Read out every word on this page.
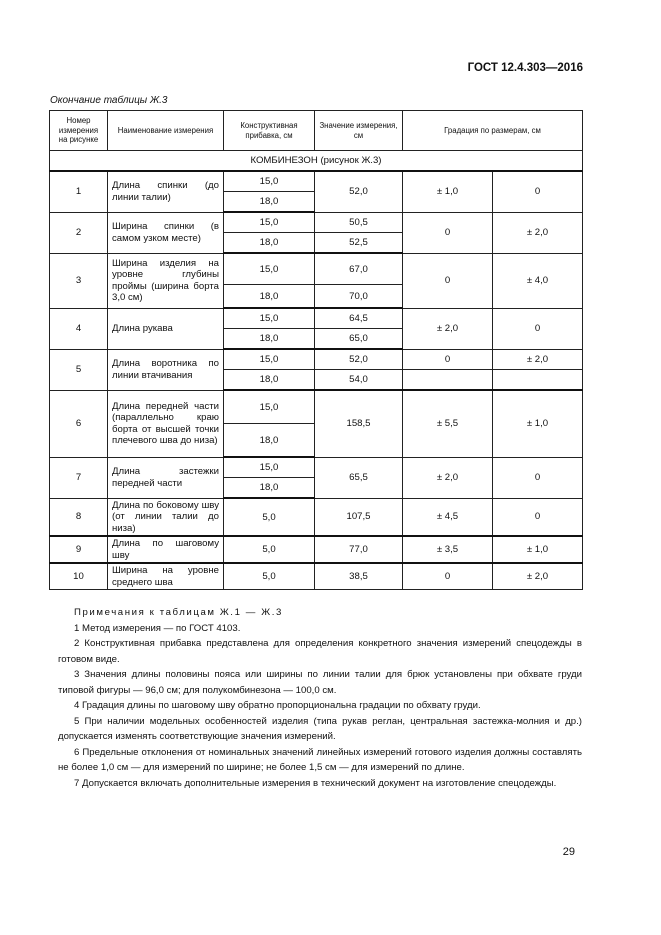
ГОСТ 12.4.303—2016
Окончание таблицы Ж.3
Номер измерения на рисунке	Наименование измерения	Конструктивная прибавка, см	Значение измерения, см	Градация по размерам, см	
КОМБИНЕЗОН (рисунок Ж.3)					
1	Длина спинки (до линии талии)	15,0	52,0	± 1,0	0
		18,0			
2	Ширина спинки (в самом узком месте)	15,0	50,5	0	± 2,0
		18,0	52,5		
3	Ширина изделия на уровне глубины проймы (ширина борта 3,0 см)	15,0	67,0	0	± 4,0
		18,0	70,0		
4	Длина рукава	15,0	64,5	± 2,0	0
		18,0	65,0		
5	Длина воротника по линии втачивания	15,0	52,0	0	± 2,0
		18,0	54,0		
6	Длина передней части (параллельно краю борта от высшей точки плечевого шва до низа)	15,0	158,5	± 5,5	± 1,0
		18,0			
7	Длина застежки передней части	15,0	65,5	± 2,0	0
		18,0			
8	Длина по боковому шву (от линии талии до низа)	5,0	107,5	± 4,5	0
9	Длина по шаговому шву	5,0	77,0	± 3,5	± 1,0
10	Ширина на уровне среднего шва	5,0	38,5	0	± 2,0

Примечания к таблицам Ж.1 — Ж.3

1 Метод измерения — по ГОСТ 4103.

2 Конструктивная прибавка представлена для определения конкретного значения измерений спецодежды в готовом виде.

3 Значения длины половины пояса или ширины по линии талии для брюк установлены при обхвате груди типовой фигуры — 96,0 см; для полукомбинезона — 100,0 см.

4 Градация длины по шаговому шву обратно пропорциональна градации по обхвату груди.

5 При наличии модельных особенностей изделия (типа рукав реглан, центральная застежка-молния и др.) допускается изменять соответствующие значения измерений.

6 Предельные отклонения от номинальных значений линейных измерений готового изделия должны составлять не более 1,0 см — для измерений по ширине; не более 1,5 см — для измерений по длине.

7 Допускается включать дополнительные измерения в технический документ на изготовление спецодежды.

29
